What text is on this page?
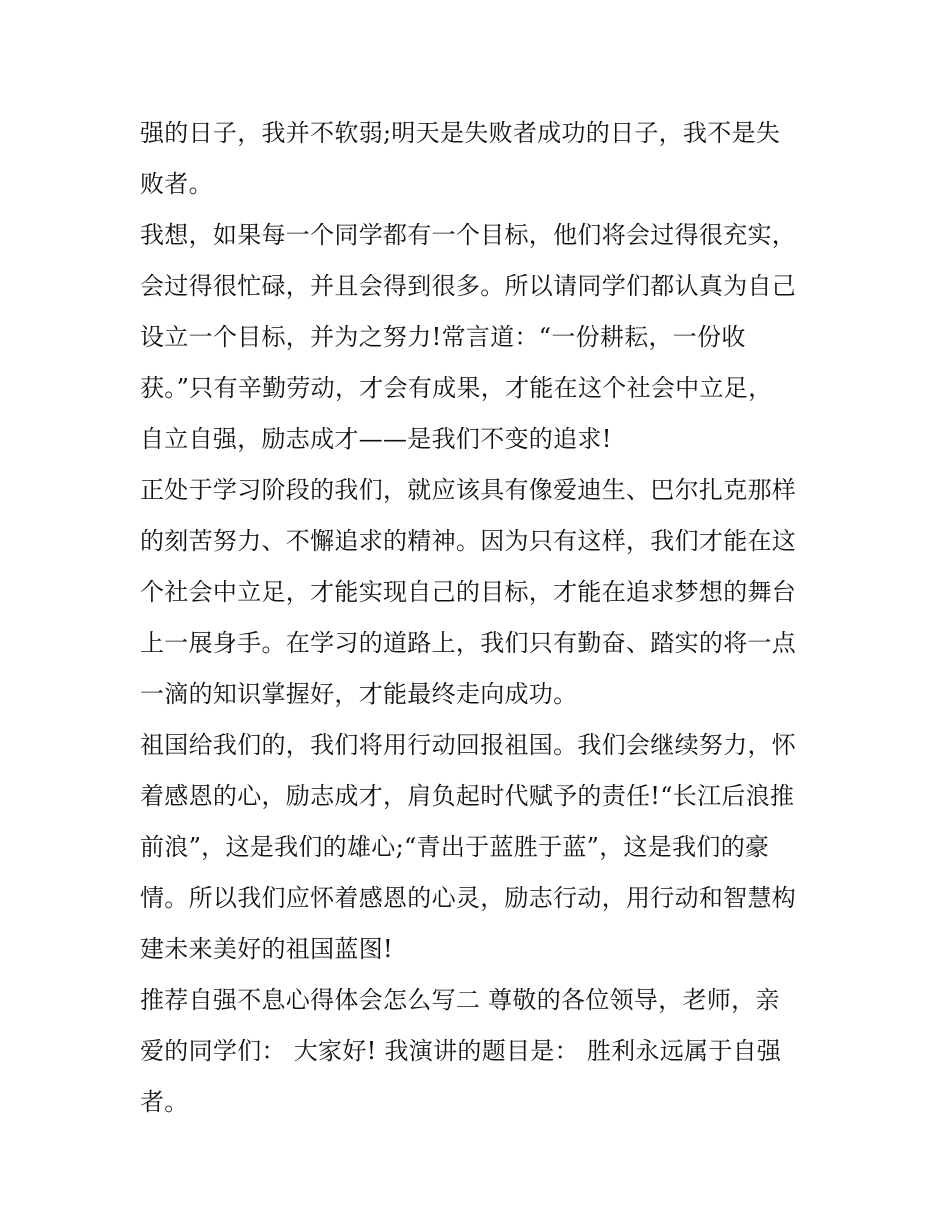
强的日子，我并不软弱;明天是失败者成功的日子，我不是失
败者。
我想，如果每一个同学都有一个目标，他们将会过得很充实，
会过得很忙碌，并且会得到很多。所以请同学们都认真为自己
设立一个目标，并为之努力!常言道：“一份耕耘，一份收
获。”只有辛勤劳动，才会有成果，才能在这个社会中立足，
自立自强，励志成才——是我们不变的追求!
正处于学习阶段的我们，就应该具有像爱迪生、巴尔扎克那样
的刻苦努力、不懈追求的精神。因为只有这样，我们才能在这
个社会中立足，才能实现自己的目标，才能在追求梦想的舞台
上一展身手。在学习的道路上，我们只有勤奋、踏实的将一点
一滴的知识掌握好，才能最终走向成功。
祖国给我们的，我们将用行动回报祖国。我们会继续努力，怀
着感恩的心，励志成才，肩负起时代赋予的责任!“长江后浪推
前浪”，这是我们的雄心;“青出于蓝胜于蓝”，这是我们的豪
情。所以我们应怀着感恩的心灵，励志行动，用行动和智慧构
建未来美好的祖国蓝图!
推荐自强不息心得体会怎么写二 尊敬的各位领导，老师，亲
爱的同学们： 大家好! 我演讲的题目是： 胜利永远属于自强
者。
